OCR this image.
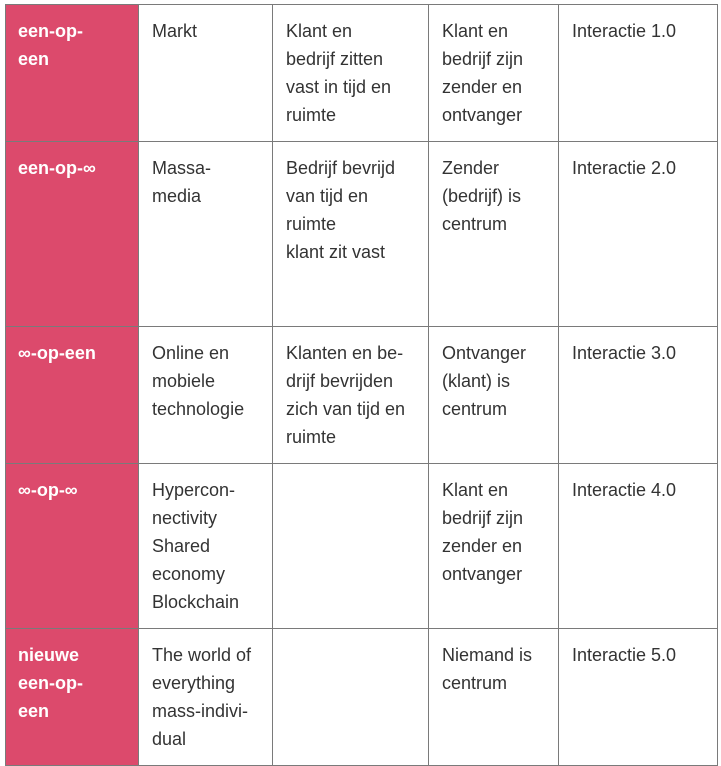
een-op-
een	Markt	Klant en
bedrijf zitten
vast in tijd en
ruimte	Klant en
bedrijf zijn
zender en
ontvanger	Interactie 1.0
een-op-∞	Massa-
media	Bedrijf bevrijd
van tijd en
ruimte
klant zit vast	Zender
(bedrijf) is
centrum	Interactie 2.0
∞-op-een	Online en
mobiele
technologie	Klanten en be-
drijf bevrijden
zich van tijd en
ruimte	Ontvanger
(klant) is
centrum	Interactie 3.0
∞-op-∞	Hypercon-
nectivity
Shared
economy
Blockchain		Klant en
bedrijf zijn
zender en
ontvanger	Interactie 4.0
nieuwe
een-op-
een	The world of
everything
mass-indivi-
dual		Niemand is
centrum	Interactie 5.0
